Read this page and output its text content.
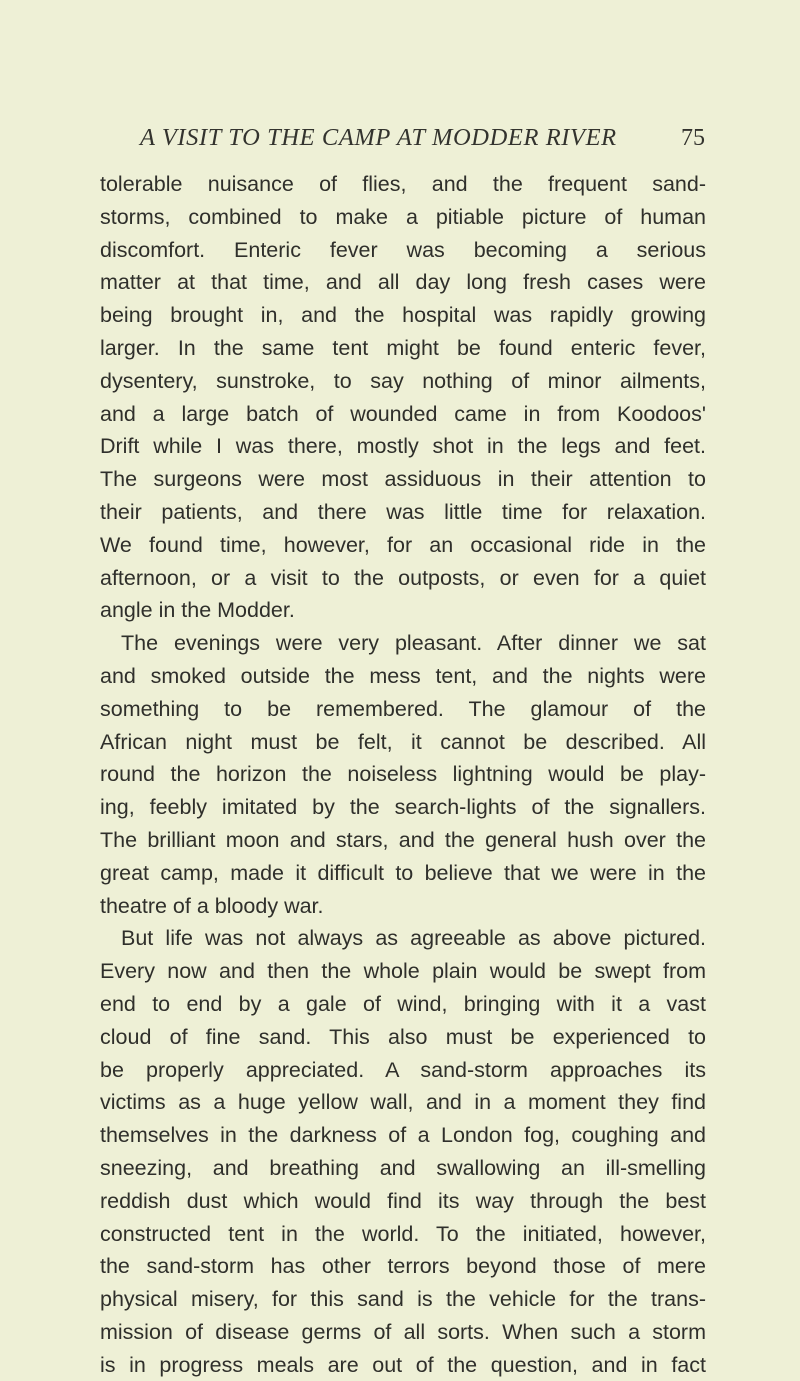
A VISIT TO THE CAMP AT MODDER RIVER	75
tolerable nuisance of flies, and the frequent sand-
storms, combined to make a pitiable picture of human
discomfort. Enteric fever was becoming a serious
matter at that time, and all day long fresh cases were
being brought in, and the hospital was rapidly growing
larger. In the same tent might be found enteric fever,
dysentery, sunstroke, to say nothing of minor ailments,
and a large batch of wounded came in from Koodoos'
Drift while I was there, mostly shot in the legs and feet.
The surgeons were most assiduous in their attention to
their patients, and there was little time for relaxation.
We found time, however, for an occasional ride in the
afternoon, or a visit to the outposts, or even for a quiet
angle in the Modder.
The evenings were very pleasant. After dinner we sat
and smoked outside the mess tent, and the nights were
something to be remembered. The glamour of the
African night must be felt, it cannot be described. All
round the horizon the noiseless lightning would be play-
ing, feebly imitated by the search-lights of the signallers.
The brilliant moon and stars, and the general hush over the
great camp, made it difficult to believe that we were in the
theatre of a bloody war.
But life was not always as agreeable as above pictured.
Every now and then the whole plain would be swept from
end to end by a gale of wind, bringing with it a vast
cloud of fine sand. This also must be experienced to
be properly appreciated. A sand-storm approaches its
victims as a huge yellow wall, and in a moment they find
themselves in the darkness of a London fog, coughing and
sneezing, and breathing and swallowing an ill-smelling
reddish dust which would find its way through the best
constructed tent in the world. To the initiated, however,
the sand-storm has other terrors beyond those of mere
physical misery, for this sand is the vehicle for the trans-
mission of disease germs of all sorts. When such a storm
is in progress meals are out of the question, and in fact
